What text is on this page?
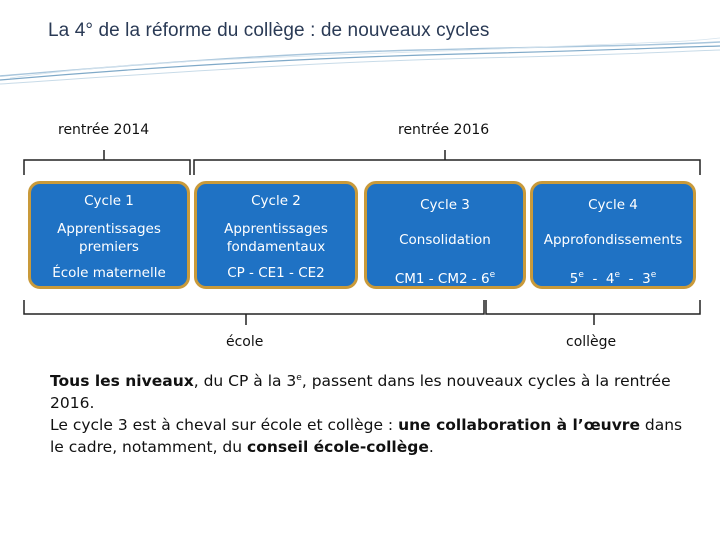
La 4° de la réforme du collège : de nouveaux cycles
rentrée 2014	rentrée 2016
Cycle 1
Apprentissages
premiers
École maternelle
Cycle 2
Apprentissages
fondamentaux
CP - CE1 - CE2
Cycle 3
Consolidation
CM1 - CM2 - 6e
Cycle 4
Approfondissements
5e  -  4e  -  3e
école	collège
Tous les niveaux, du CP à la 3e, passent dans les nouveaux cycles à la rentrée 2016.
Le cycle 3 est à cheval sur école et collège : une collaboration à l’œuvre dans le cadre, notamment, du conseil école-collège.
